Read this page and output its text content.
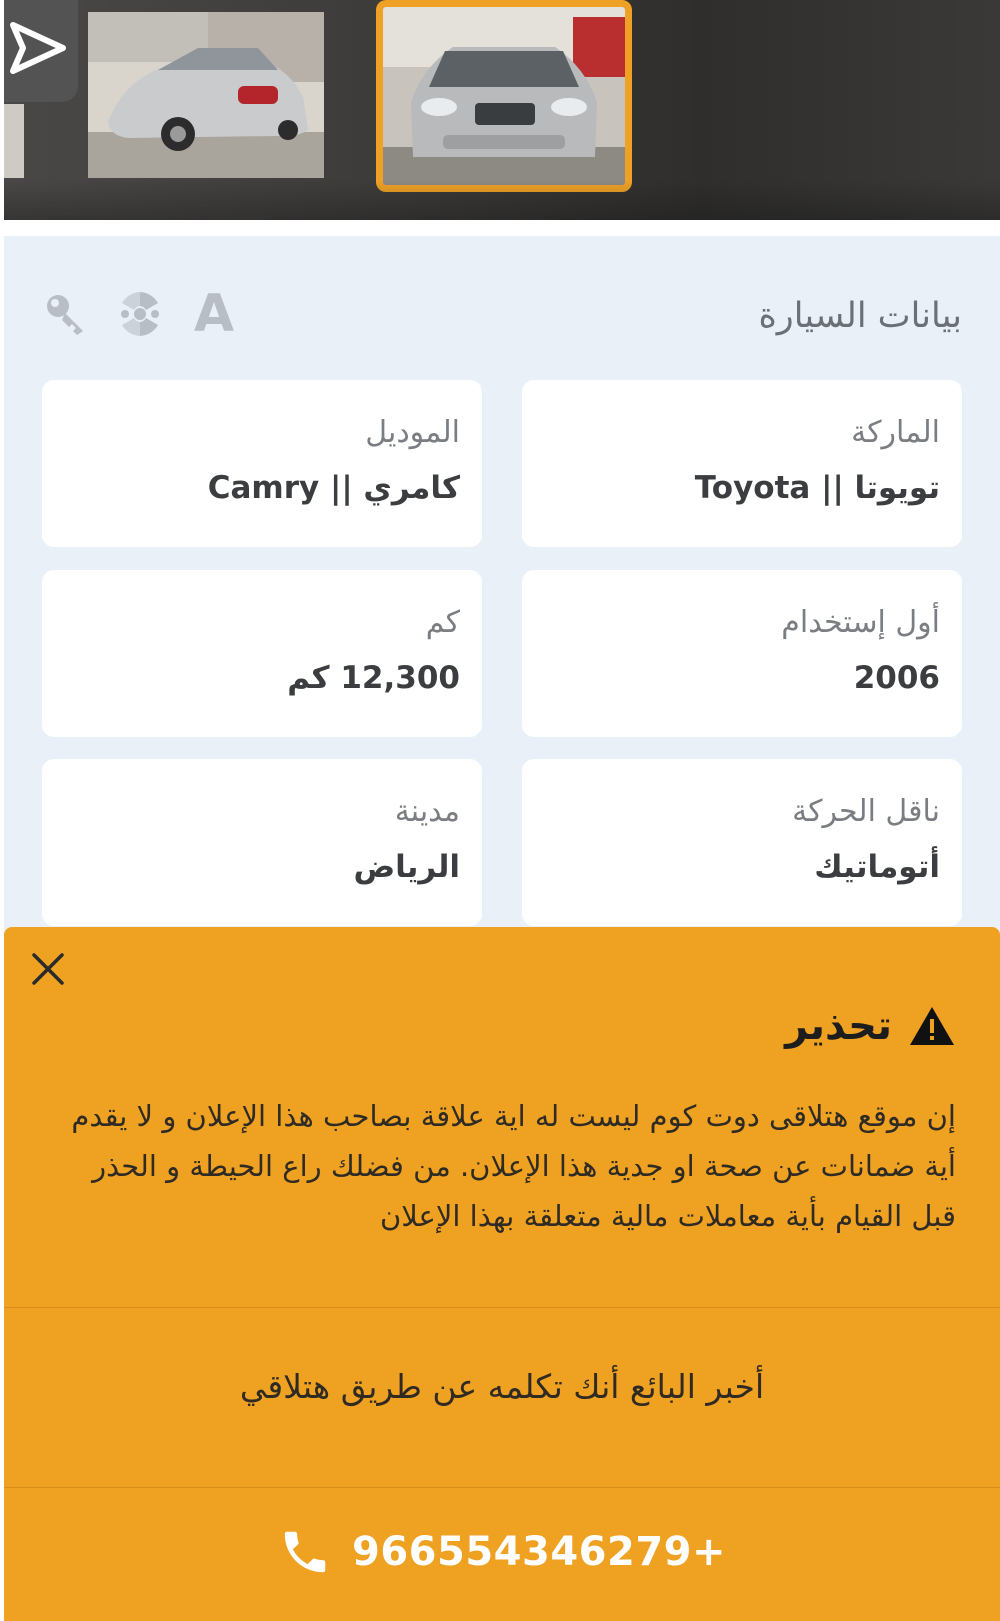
بيانات السيارة
A
الماركة
تويوتا || Toyota
الموديل
كامري || Camry
أول إستخدام
2006
كم
12,300 كم
ناقل الحركة
أتوماتيك
مدينة
الرياض
تحذير
إن موقع هتلاقى دوت كوم ليست له اية علاقة بصاحب هذا الإعلان و لا يقدم أية ضمانات عن صحة او جدية هذا الإعلان. من فضلك راع الحيطة و الحذر قبل القيام بأية معاملات مالية متعلقة بهذا الإعلان
أخبر البائع أنك تكلمه عن طريق هتلاقي
966554346279+
